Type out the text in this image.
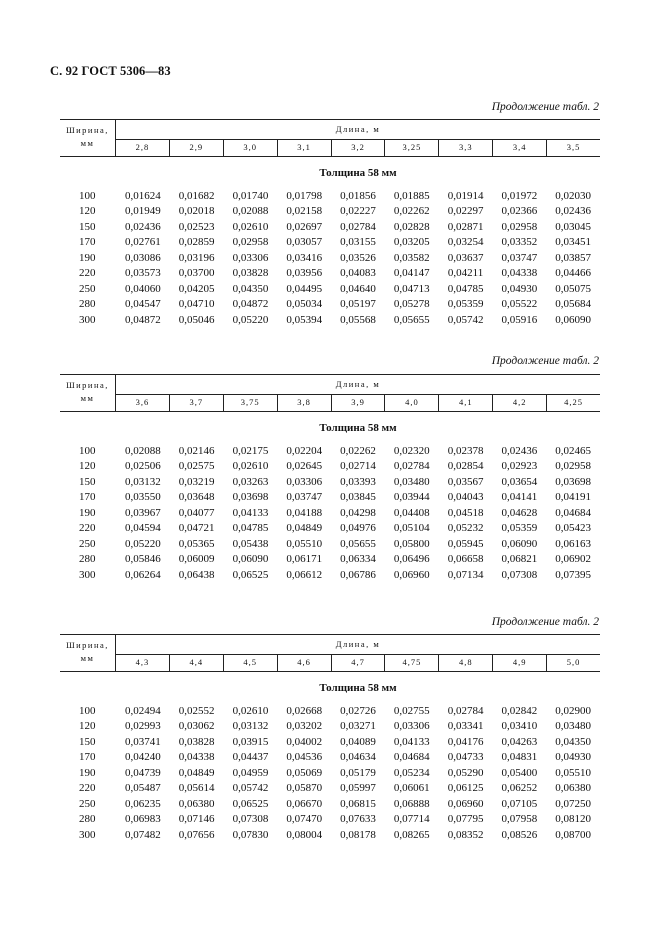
С. 92 ГОСТ 5306—83
Продолжение табл. 2
Ширина,
мм
Длина, м
2,8	2,9	3,0	3,1	3,2	3,25	3,3	3,4	3,5
Толщина 58 мм
100	0,01624	0,01682	0,01740	0,01798	0,01856	0,01885	0,01914	0,01972	0,02030
120	0,01949	0,02018	0,02088	0,02158	0,02227	0,02262	0,02297	0,02366	0,02436
150	0,02436	0,02523	0,02610	0,02697	0,02784	0,02828	0,02871	0,02958	0,03045
170	0,02761	0,02859	0,02958	0,03057	0,03155	0,03205	0,03254	0,03352	0,03451
190	0,03086	0,03196	0,03306	0,03416	0,03526	0,03582	0,03637	0,03747	0,03857
220	0,03573	0,03700	0,03828	0,03956	0,04083	0,04147	0,04211	0,04338	0,04466
250	0,04060	0,04205	0,04350	0,04495	0,04640	0,04713	0,04785	0,04930	0,05075
280	0,04547	0,04710	0,04872	0,05034	0,05197	0,05278	0,05359	0,05522	0,05684
300	0,04872	0,05046	0,05220	0,05394	0,05568	0,05655	0,05742	0,05916	0,06090
Продолжение табл. 2
Ширина,
мм
Длина, м
3,6	3,7	3,75	3,8	3,9	4,0	4,1	4,2	4,25
Толщина 58 мм
100	0,02088	0,02146	0,02175	0,02204	0,02262	0,02320	0,02378	0,02436	0,02465
120	0,02506	0,02575	0,02610	0,02645	0,02714	0,02784	0,02854	0,02923	0,02958
150	0,03132	0,03219	0,03263	0,03306	0,03393	0,03480	0,03567	0,03654	0,03698
170	0,03550	0,03648	0,03698	0,03747	0,03845	0,03944	0,04043	0,04141	0,04191
190	0,03967	0,04077	0,04133	0,04188	0,04298	0,04408	0,04518	0,04628	0,04684
220	0,04594	0,04721	0,04785	0,04849	0,04976	0,05104	0,05232	0,05359	0,05423
250	0,05220	0,05365	0,05438	0,05510	0,05655	0,05800	0,05945	0,06090	0,06163
280	0,05846	0,06009	0,06090	0,06171	0,06334	0,06496	0,06658	0,06821	0,06902
300	0,06264	0,06438	0,06525	0,06612	0,06786	0,06960	0,07134	0,07308	0,07395
Продолжение табл. 2
Ширина,
мм
Длина, м
4,3	4,4	4,5	4,6	4,7	4,75	4,8	4,9	5,0
Толщина 58 мм
100	0,02494	0,02552	0,02610	0,02668	0,02726	0,02755	0,02784	0,02842	0,02900
120	0,02993	0,03062	0,03132	0,03202	0,03271	0,03306	0,03341	0,03410	0,03480
150	0,03741	0,03828	0,03915	0,04002	0,04089	0,04133	0,04176	0,04263	0,04350
170	0,04240	0,04338	0,04437	0,04536	0,04634	0,04684	0,04733	0,04831	0,04930
190	0,04739	0,04849	0,04959	0,05069	0,05179	0,05234	0,05290	0,05400	0,05510
220	0,05487	0,05614	0,05742	0,05870	0,05997	0,06061	0,06125	0,06252	0,06380
250	0,06235	0,06380	0,06525	0,06670	0,06815	0,06888	0,06960	0,07105	0,07250
280	0,06983	0,07146	0,07308	0,07470	0,07633	0,07714	0,07795	0,07958	0,08120
300	0,07482	0,07656	0,07830	0,08004	0,08178	0,08265	0,08352	0,08526	0,08700
